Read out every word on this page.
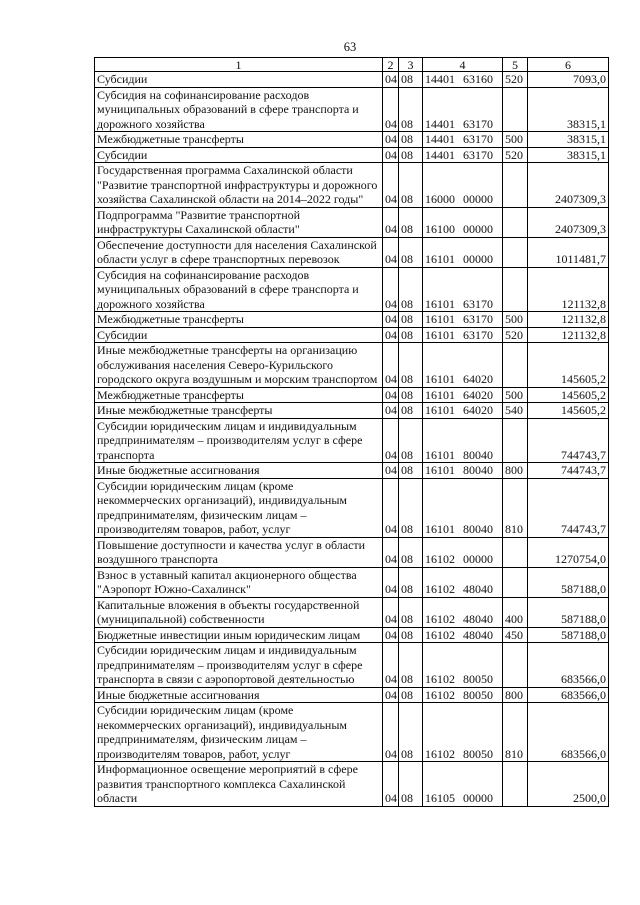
63
1	2	3	4	5	6
Субсидии	04	08	14401 63160	520	7093,0
Субсидия на софинансирование расходов муниципальных образований в сфере транспорта и дорожного хозяйства	04	08	14401 63170		38315,1
Межбюджетные трансферты	04	08	14401 63170	500	38315,1
Субсидии	04	08	14401 63170	520	38315,1
Государственная программа Сахалинской области "Развитие транспортной инфраструктуры и дорожного хозяйства Сахалинской области на 2014–2022 годы"	04	08	16000 00000		2407309,3
Подпрограмма "Развитие транспортной инфраструктуры Сахалинской области"	04	08	16100 00000		2407309,3
Обеспечение доступности для населения Сахалинской области услуг в сфере транспортных перевозок	04	08	16101 00000		1011481,7
Субсидия на софинансирование расходов муниципальных образований в сфере транспорта и дорожного хозяйства	04	08	16101 63170		121132,8
Межбюджетные трансферты	04	08	16101 63170	500	121132,8
Субсидии	04	08	16101 63170	520	121132,8
Иные межбюджетные трансферты на организацию обслуживания населения Северо-Курильского городского округа воздушным и морским транспортом	04	08	16101 64020		145605,2
Межбюджетные трансферты	04	08	16101 64020	500	145605,2
Иные межбюджетные трансферты	04	08	16101 64020	540	145605,2
Субсидии юридическим лицам и индивидуальным предпринимателям – производителям услуг в сфере транспорта	04	08	16101 80040		744743,7
Иные бюджетные ассигнования	04	08	16101 80040	800	744743,7
Субсидии юридическим лицам (кроме некоммерческих организаций), индивидуальным предпринимателям, физическим лицам – производителям товаров, работ, услуг	04	08	16101 80040	810	744743,7
Повышение доступности и качества услуг в области воздушного транспорта	04	08	16102 00000		1270754,0
Взнос в уставный капитал акционерного общества "Аэропорт Южно-Сахалинск"	04	08	16102 48040		587188,0
Капитальные вложения в объекты государственной (муниципальной) собственности	04	08	16102 48040	400	587188,0
Бюджетные инвестиции иным юридическим лицам	04	08	16102 48040	450	587188,0
Субсидии юридическим лицам и индивидуальным предпринимателям – производителям услуг в сфере транспорта в связи с аэропортовой деятельностью	04	08	16102 80050		683566,0
Иные бюджетные ассигнования	04	08	16102 80050	800	683566,0
Субсидии юридическим лицам (кроме некоммерческих организаций), индивидуальным предпринимателям, физическим лицам – производителям товаров, работ, услуг	04	08	16102 80050	810	683566,0
Информационное освещение мероприятий в сфере развития транспортного комплекса Сахалинской области	04	08	16105 00000		2500,0
